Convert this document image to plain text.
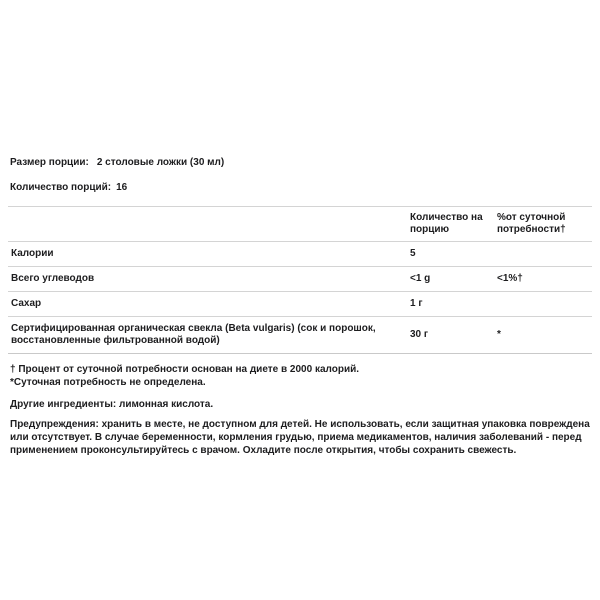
Размер порции: 2 столовые ложки (30 мл)

Количество порций: 16

	Количество на порцию	%от суточной потребности†
Калории	5	
Всего углеводов	<1 g	<1%†
Сахар	1 г	
Сертифицированная органическая свекла (Beta vulgaris) (сок и порошок, восстановленные фильтрованной водой)	30 г	*

† Процент от суточной потребности основан на диете в 2000 калорий.

*Суточная потребность не определена.

Другие ингредиенты: лимонная кислота.

Предупреждения: хранить в месте, не доступном для детей. Не использовать, если защитная упаковка повреждена или отсутствует. В случае беременности, кормления грудью, приема медикаментов, наличия заболеваний - перед применением проконсультируйтесь с врачом. Охладите после открытия, чтобы сохранить свежесть.
